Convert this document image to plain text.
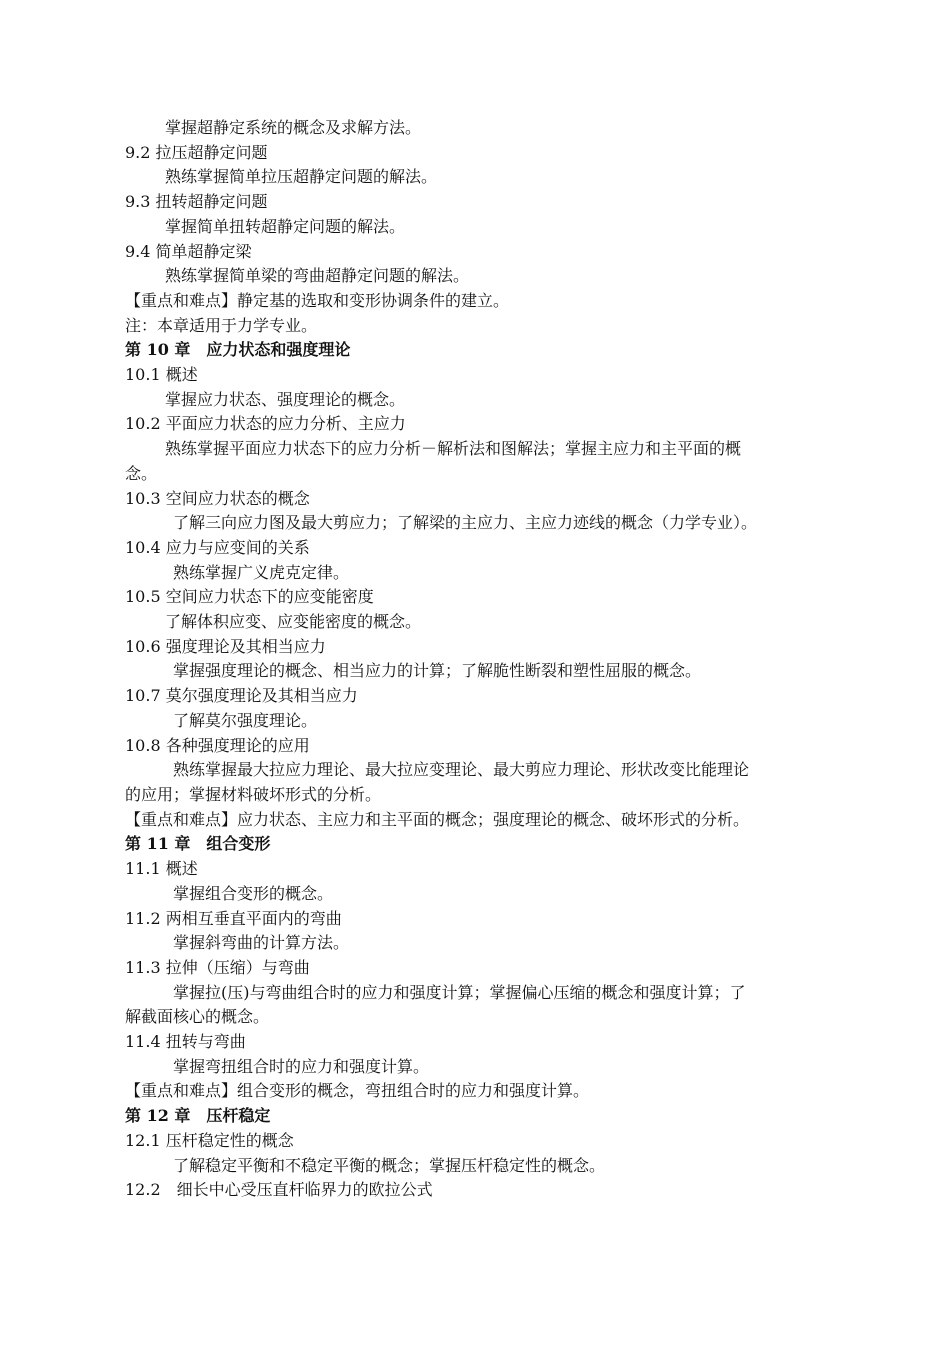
掌握超静定系统的概念及求解方法。

9.2 拉压超静定问题

熟练掌握简单拉压超静定问题的解法。

9.3 扭转超静定问题

掌握简单扭转超静定问题的解法。

9.4 简单超静定梁

熟练掌握简单梁的弯曲超静定问题的解法。

【重点和难点】静定基的选取和变形协调条件的建立。

注：本章适用于力学专业。

第 10 章　应力状态和强度理论

10.1 概述

掌握应力状态、强度理论的概念。

10.2 平面应力状态的应力分析、主应力

熟练掌握平面应力状态下的应力分析－解析法和图解法；掌握主应力和主平面的概

念。

10.3 空间应力状态的概念

了解三向应力图及最大剪应力；了解梁的主应力、主应力迹线的概念（力学专业）。

10.4 应力与应变间的关系

熟练掌握广义虎克定律。

10.5 空间应力状态下的应变能密度

了解体积应变、应变能密度的概念。

10.6 强度理论及其相当应力

掌握强度理论的概念、相当应力的计算；了解脆性断裂和塑性屈服的概念。

10.7 莫尔强度理论及其相当应力

了解莫尔强度理论。

10.8 各种强度理论的应用

熟练掌握最大拉应力理论、最大拉应变理论、最大剪应力理论、形状改变比能理论

的应用；掌握材料破坏形式的分析。

【重点和难点】应力状态、主应力和主平面的概念；强度理论的概念、破坏形式的分析。

第 11 章　组合变形

11.1 概述

掌握组合变形的概念。

11.2 两相互垂直平面内的弯曲

掌握斜弯曲的计算方法。

11.3 拉伸（压缩）与弯曲

掌握拉(压)与弯曲组合时的应力和强度计算；掌握偏心压缩的概念和强度计算；了

解截面核心的概念。

11.4 扭转与弯曲

掌握弯扭组合时的应力和强度计算。

【重点和难点】组合变形的概念，弯扭组合时的应力和强度计算。

第 12 章　压杆稳定

12.1 压杆稳定性的概念

了解稳定平衡和不稳定平衡的概念；掌握压杆稳定性的概念。

12.2　细长中心受压直杆临界力的欧拉公式
